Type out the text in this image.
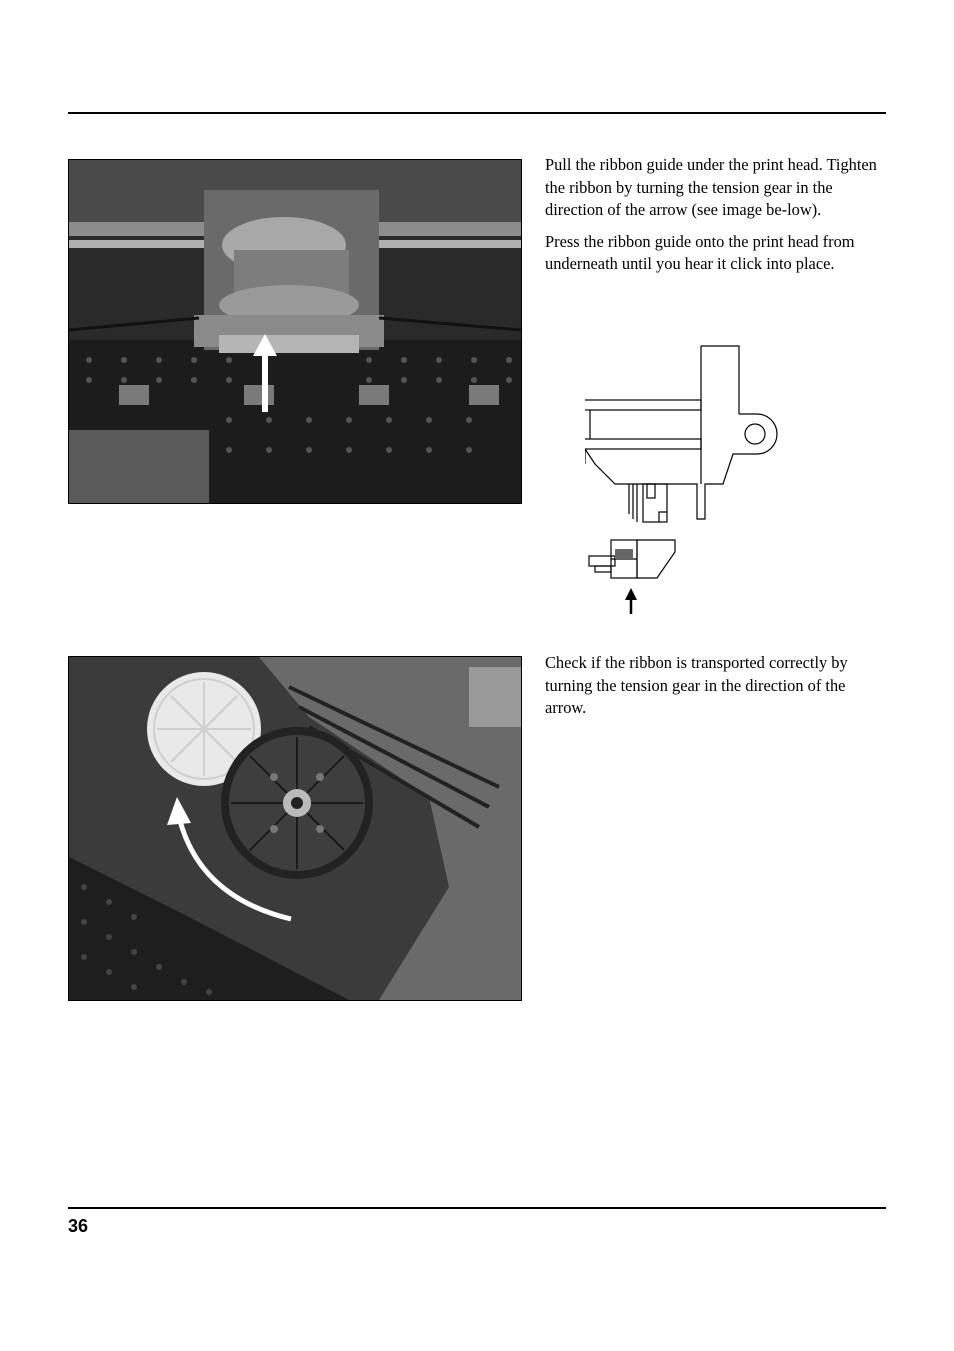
Pull the ribbon guide under the print head. Tighten the ribbon by turning the tension gear in the direction of the arrow (see image be-low).

Press the ribbon guide onto the print head from underneath until you hear it click into place.

Check if the ribbon is transported correctly by turning the tension gear in the direction of the arrow.

36
